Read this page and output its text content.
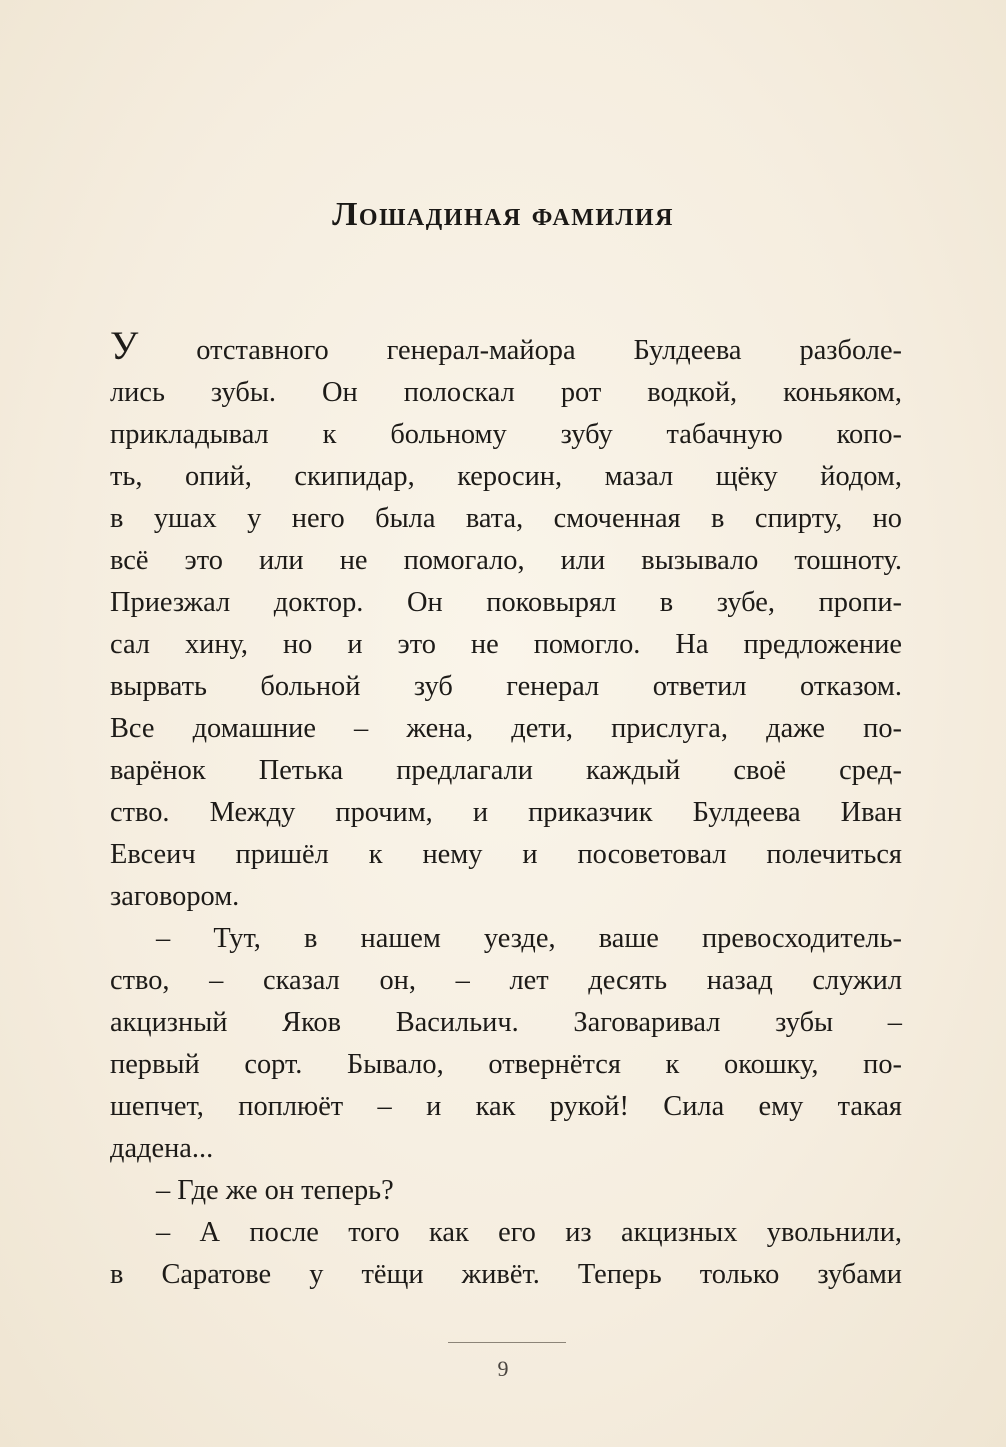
Лошадиная фамилия
У отставного генерал-майора Булдеева разболе-
лись зубы. Он полоскал рот водкой, коньяком,
прикладывал к больному зубу табачную копо-
ть, опий, скипидар, керосин, мазал щёку йодом,
в ушах у него была вата, смоченная в спирту, но
всё это или не помогало, или вызывало тошноту.
Приезжал доктор. Он поковырял в зубе, пропи-
сал хину, но и это не помогло. На предложение
вырвать больной зуб генерал ответил отказом.
Все домашние – жена, дети, прислуга, даже по-
варёнок Петька предлагали каждый своё сред-
ство. Между прочим, и приказчик Булдеева Иван
Евсеич пришёл к нему и посоветовал полечиться
заговором.
– Тут, в нашем уезде, ваше превосходитель-
ство, – сказал он, – лет десять назад служил
акцизный Яков Васильич. Заговаривал зубы –
первый сорт. Бывало, отвернётся к окошку, по-
шепчет, поплюёт – и как рукой! Сила ему такая
дадена...
– Где же он теперь?
– А после того как его из акцизных увольнили,
в Саратове у тёщи живёт. Теперь только зубами
9
